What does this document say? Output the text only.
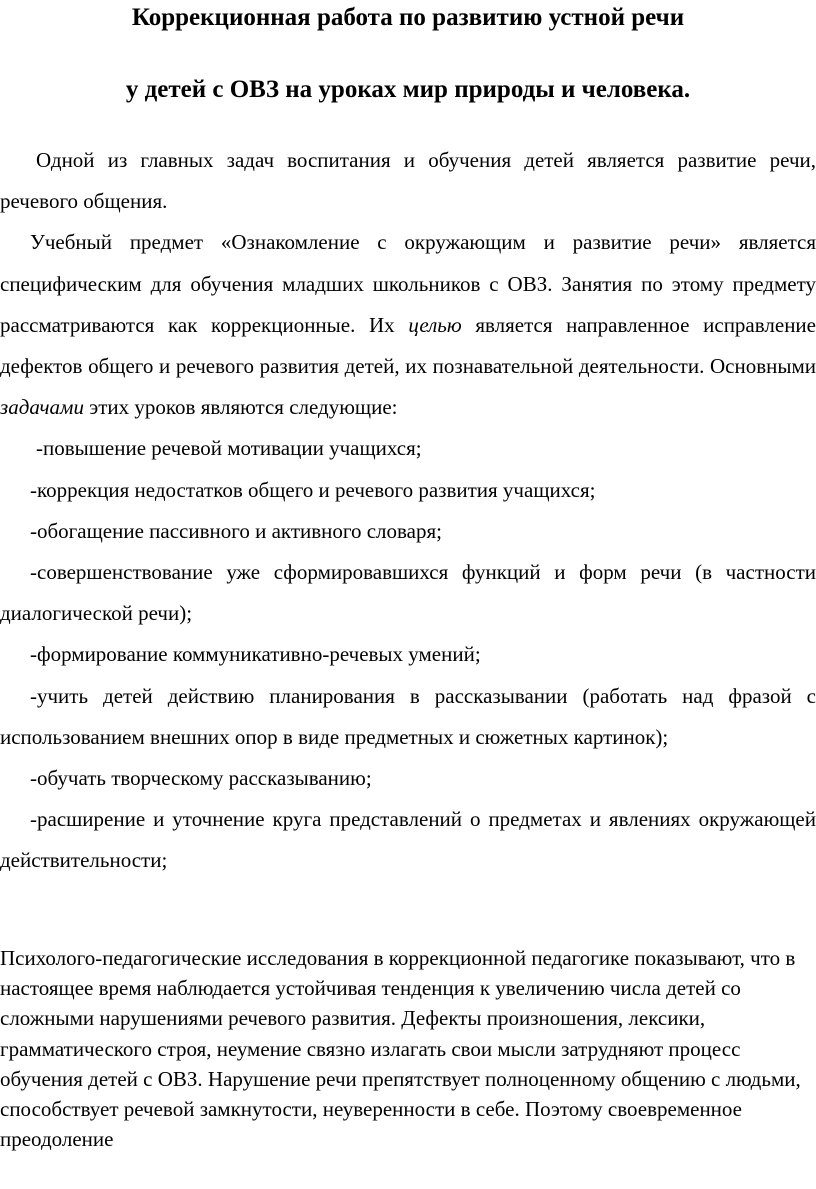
Коррекционная работа по развитию устной речи
у детей с ОВЗ на уроках мир природы и человека.

Одной из главных задач воспитания и обучения детей является развитие речи, речевого общения.

Учебный предмет «Ознакомление с окружающим и развитие речи» является специфическим для обучения младших школьников с ОВЗ. Занятия по этому предмету рассматриваются как коррекционные. Их целью является направленное исправление дефектов общего и речевого развития детей, их познавательной деятельности. Основными задачами этих уроков являются следующие:

-повышение речевой мотивации учащихся;

-коррекция недостатков общего и речевого развития учащихся;

-обогащение пассивного и активного словаря;

-совершенствование уже сформировавшихся функций и форм речи (в частности диалогической речи);

-формирование коммуникативно-речевых умений;

-учить детей действию планирования в рассказывании (работать над фразой с использованием внешних опор в виде предметных и сюжетных картинок);

-обучать творческому рассказыванию;

-расширение и уточнение круга представлений о предметах и явлениях окружающей действительности;

Психолого-педагогические исследования в коррекционной педагогике показывают, что в настоящее время наблюдается устойчивая тенденция к увеличению числа детей со сложными нарушениями речевого развития. Дефекты произношения, лексики, грамматического строя, неумение связно излагать свои мысли затрудняют процесс обучения детей с ОВЗ. Нарушение речи препятствует полноценному общению с людьми, способствует речевой замкнутости, неуверенности в себе. Поэтому своевременное преодоление
